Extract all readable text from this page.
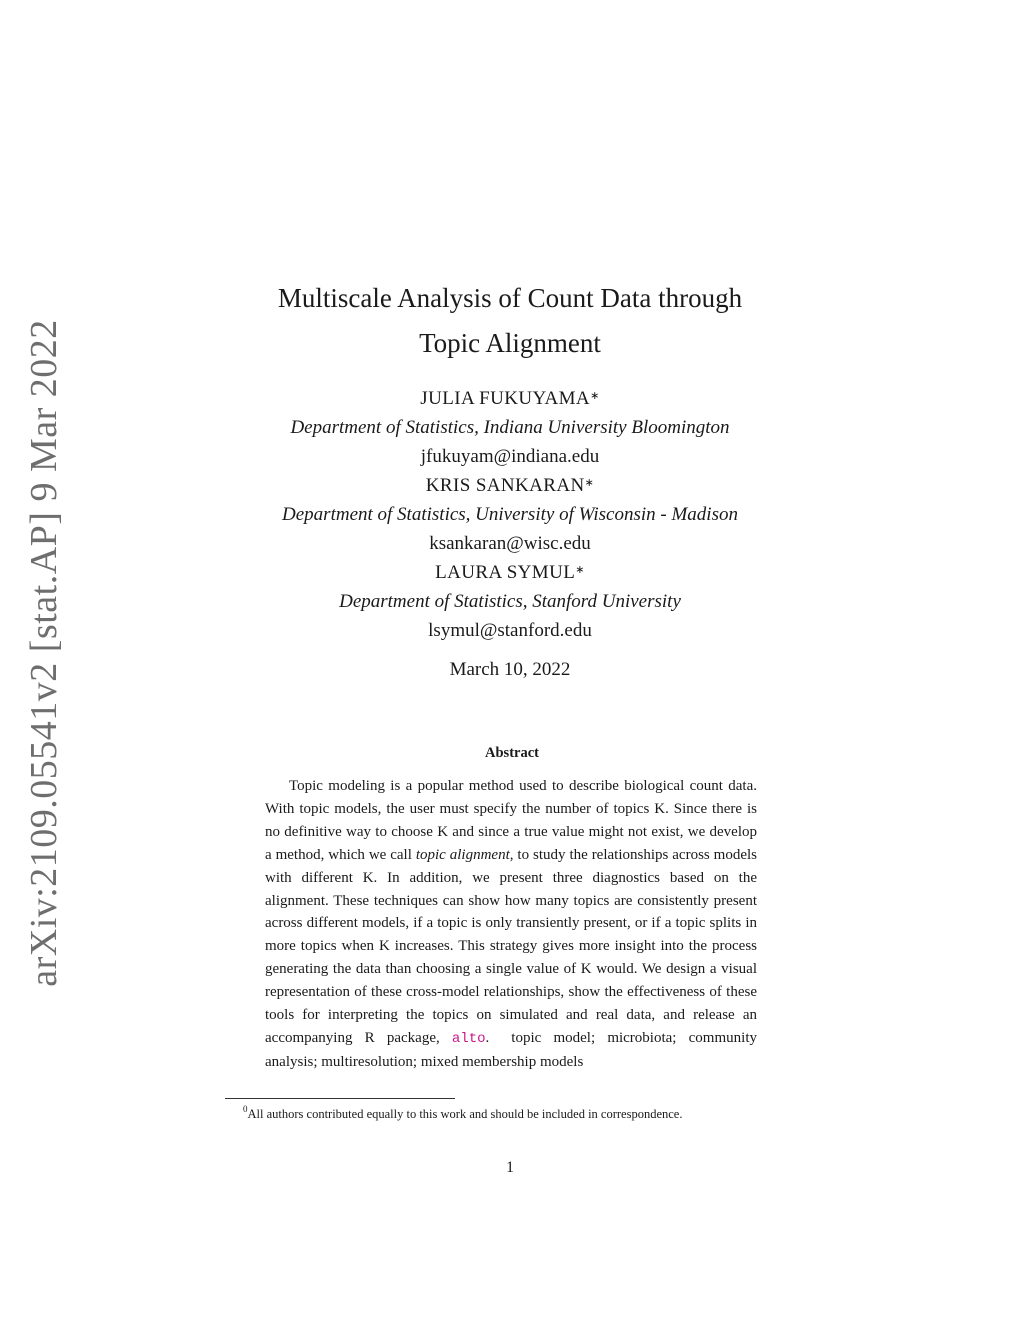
arXiv:2109.05541v2 [stat.AP] 9 Mar 2022
Multiscale Analysis of Count Data through
Topic Alignment
JULIA FUKUYAMA∗
Department of Statistics, Indiana University Bloomington
jfukuyam@indiana.edu
KRIS SANKARAN∗
Department of Statistics, University of Wisconsin - Madison
ksankaran@wisc.edu
LAURA SYMUL∗
Department of Statistics, Stanford University
lsymul@stanford.edu
March 10, 2022
Abstract

Topic modeling is a popular method used to describe biological count data. With topic models, the user must specify the number of topics K. Since there is no definitive way to choose K and since a true value might not exist, we develop a method, which we call topic alignment, to study the relationships across models with different K. In addition, we present three diagnostics based on the alignment. These techniques can show how many topics are consistently present across different models, if a topic is only transiently present, or if a topic splits in more topics when K increases. This strategy gives more insight into the process generating the data than choosing a single value of K would. We design a visual representation of these cross-model relationships, show the effectiveness of these tools for interpreting the topics on simulated and real data, and release an accompanying R package, alto. topic model; microbiota; community analysis; multiresolution; mixed membership models

$^0$All authors contributed equally to this work and should be included in correspondence.
1
